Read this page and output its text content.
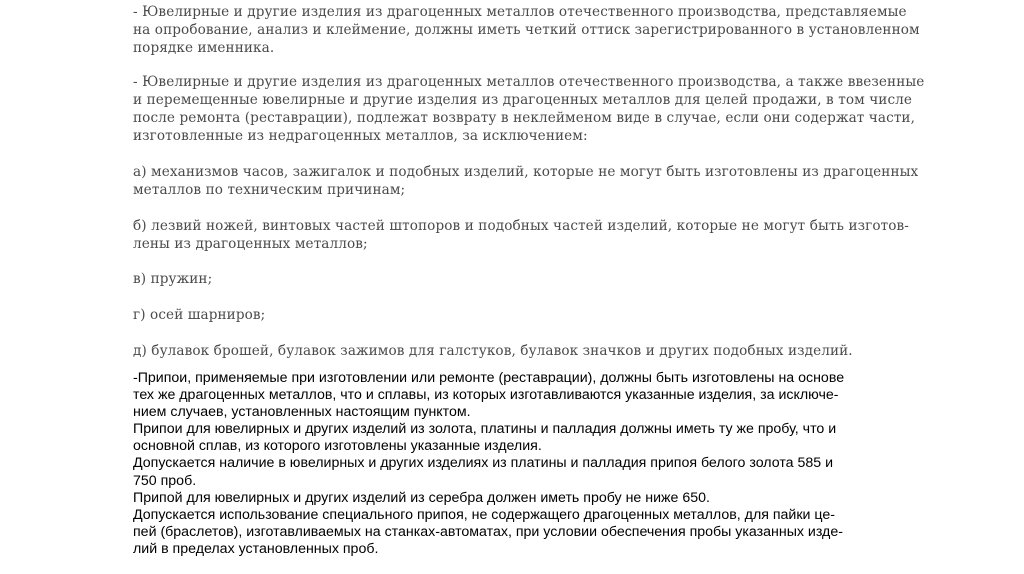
- Ювелирные и другие изделия из драгоценных металлов отечественного производства, представляемые
на опробование, анализ и клеймение, должны иметь четкий оттиск зарегистрированного в установленном
порядке именника.

- Ювелирные и другие изделия из драгоценных металлов отечественного производства, а также ввезенные
и перемещенные ювелирные и другие изделия из драгоценных металлов для целей продажи, в том числе
после ремонта (реставрации), подлежат возврату в неклейменом виде в случае, если они содержат части,
изготовленные из недрагоценных металлов, за исключением:

а) механизмов часов, зажигалок и подобных изделий, которые не могут быть изготовлены из драгоценных
металлов по техническим причинам;

б) лезвий ножей, винтовых частей штопоров и подобных частей изделий, которые не могут быть изготов-
лены из драгоценных металлов;

в) пружин;

г) осей шарниров;

д) булавок брошей, булавок зажимов для галстуков, булавок значков и других подобных изделий.

-Припои, применяемые при изготовлении или ремонте (реставрации), должны быть изготовлены на основе
тех же драгоценных металлов, что и сплавы, из которых изготавливаются указанные изделия, за исключе-
нием случаев, установленных настоящим пунктом.
Припои для ювелирных и других изделий из золота, платины и палладия должны иметь ту же пробу, что и
основной сплав, из которого изготовлены указанные изделия.
Допускается наличие в ювелирных и других изделиях из платины и палладия припоя белого золота 585 и
750 проб.
Припой для ювелирных и других изделий из серебра должен иметь пробу не ниже 650.
Допускается использование специального припоя, не содержащего драгоценных металлов, для пайки це-
пей (браслетов), изготавливаемых на станках-автоматах, при условии обеспечения пробы указанных изде-
лий в пределах установленных проб.
